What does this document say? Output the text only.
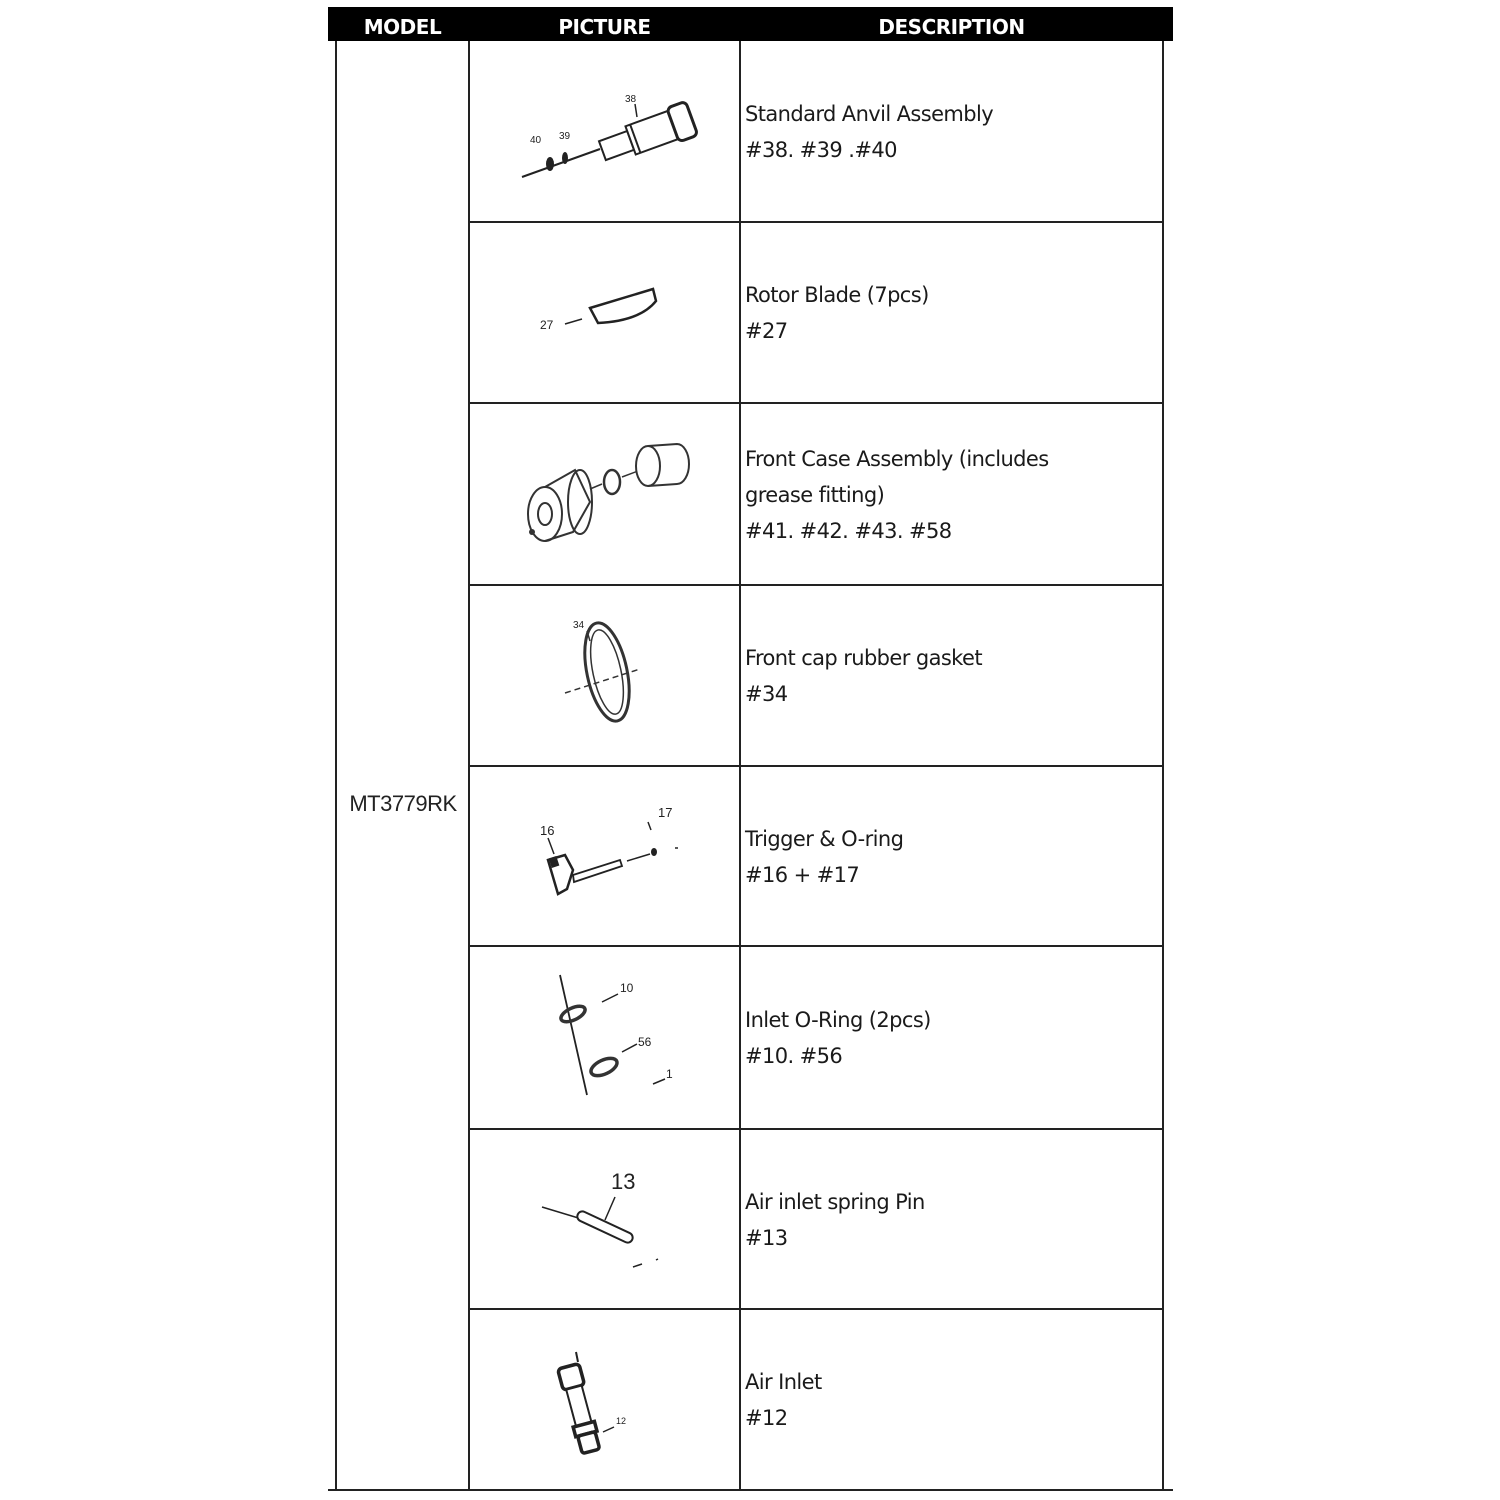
MODEL	PICTURE	DESCRIPTION
MT3779RK
38
39
40
Standard Anvil Assembly
#38. #39 .#40
27
Rotor Blade (7pcs)
#27
Front Case Assembly (includes
grease fitting)
#41. #42. #43. #58
34
Front cap rubber gasket
#34
16
17
Trigger & O-ring
#16 + #17
10
56
1
Inlet O-Ring (2pcs)
#10. #56
13
Air inlet spring Pin
#13
12
Air Inlet
#12
